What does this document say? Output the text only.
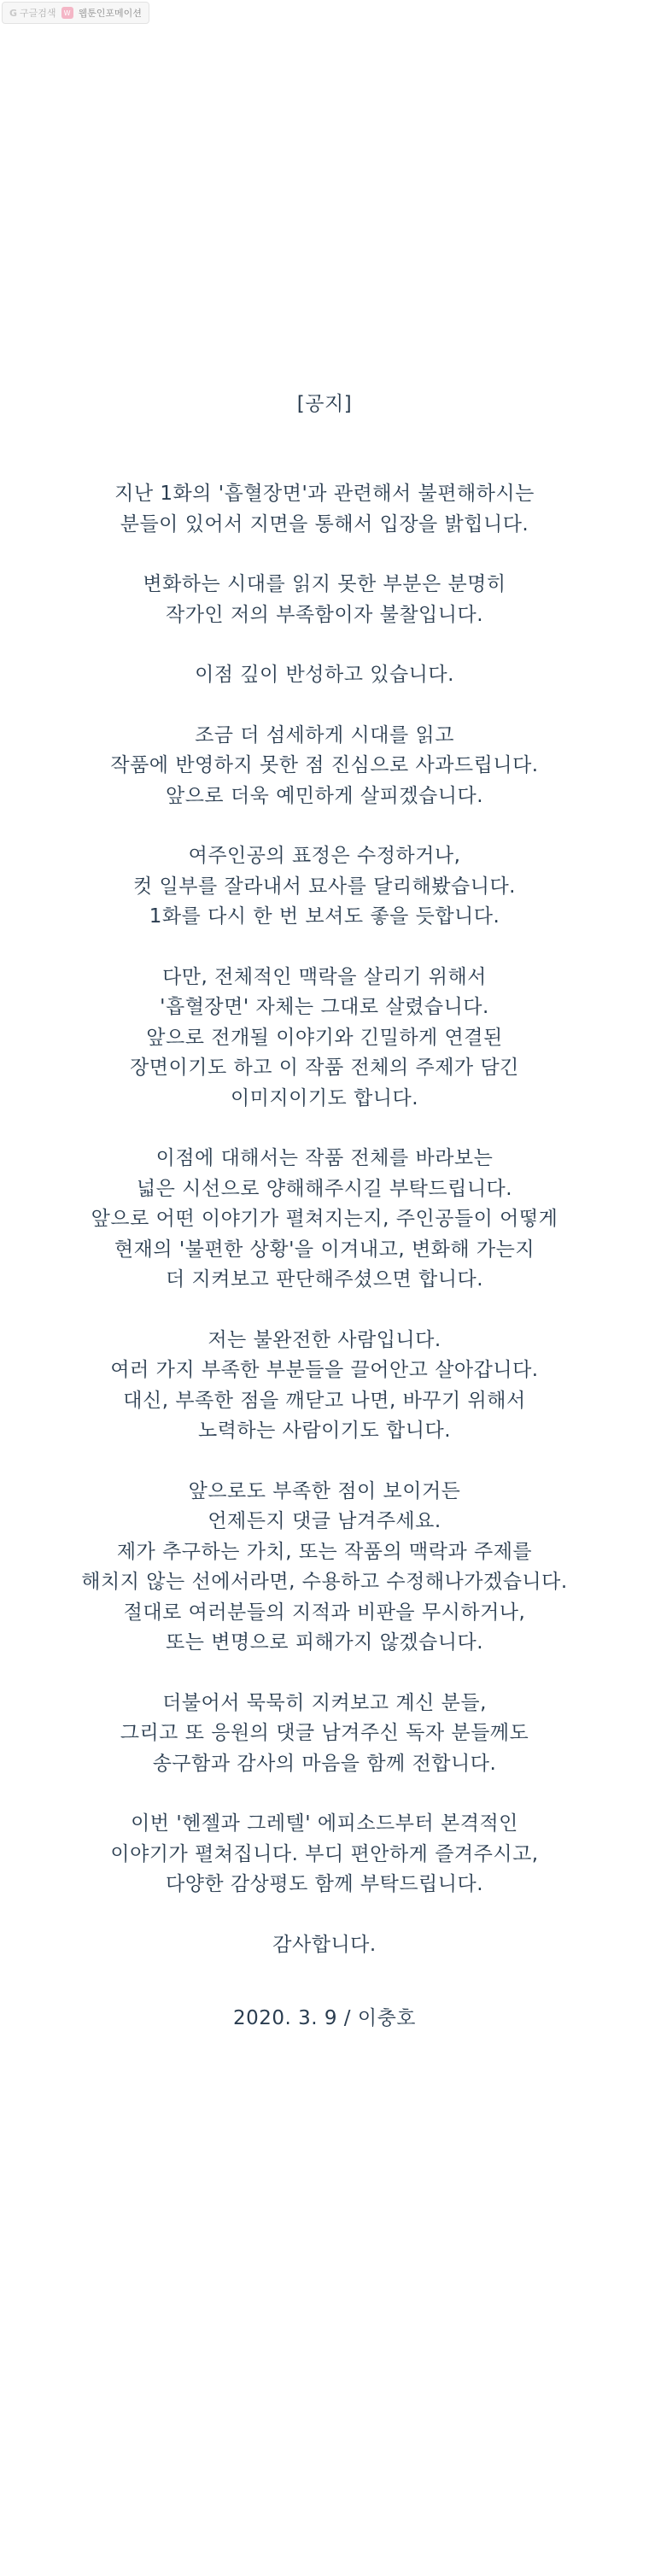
G 구글검색	W 웹툰인포메이션
[공지]
지난 1화의 '흡혈장면'과 관련해서 불편해하시는
분들이 있어서 지면을 통해서 입장을 밝힙니다.
변화하는 시대를 읽지 못한 부분은 분명히
작가인 저의 부족함이자 불찰입니다.
이점 깊이 반성하고 있습니다.
조금 더 섬세하게 시대를 읽고
작품에 반영하지 못한 점 진심으로 사과드립니다.
앞으로 더욱 예민하게 살피겠습니다.
여주인공의 표정은 수정하거나,
컷 일부를 잘라내서 묘사를 달리해봤습니다.
1화를 다시 한 번 보셔도 좋을 듯합니다.
다만, 전체적인 맥락을 살리기 위해서
'흡혈장면' 자체는 그대로 살렸습니다.
앞으로 전개될 이야기와 긴밀하게 연결된
장면이기도 하고 이 작품 전체의 주제가 담긴
이미지이기도 합니다.
이점에 대해서는 작품 전체를 바라보는
넓은 시선으로 양해해주시길 부탁드립니다.
앞으로 어떤 이야기가 펼쳐지는지, 주인공들이 어떻게
현재의 '불편한 상황'을 이겨내고, 변화해 가는지
더 지켜보고 판단해주셨으면 합니다.
저는 불완전한 사람입니다.
여러 가지 부족한 부분들을 끌어안고 살아갑니다.
대신, 부족한 점을 깨닫고 나면, 바꾸기 위해서
노력하는 사람이기도 합니다.
앞으로도 부족한 점이 보이거든
언제든지 댓글 남겨주세요.
제가 추구하는 가치, 또는 작품의 맥락과 주제를
해치지 않는 선에서라면, 수용하고 수정해나가겠습니다.
절대로 여러분들의 지적과 비판을 무시하거나,
또는 변명으로 피해가지 않겠습니다.
더불어서 묵묵히 지켜보고 계신 분들,
그리고 또 응원의 댓글 남겨주신 독자 분들께도
송구함과 감사의 마음을 함께 전합니다.
이번 '헨젤과 그레텔' 에피소드부터 본격적인
이야기가 펼쳐집니다. 부디 편안하게 즐겨주시고,
다양한 감상평도 함께 부탁드립니다.
감사합니다.
2020. 3. 9 / 이충호
